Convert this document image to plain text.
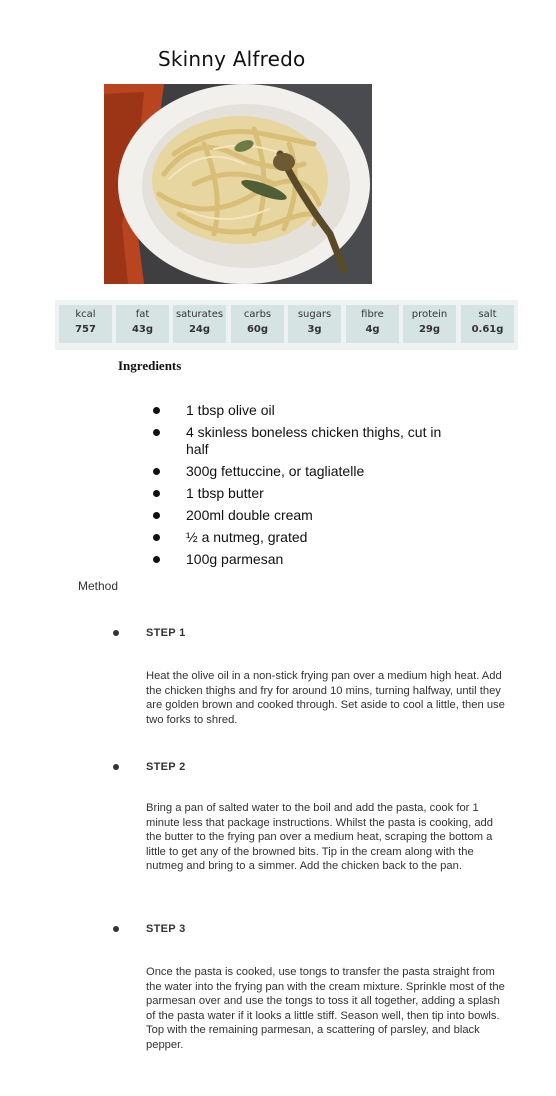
Skinny Alfredo
kcal
757
fat
43g
saturates
24g
carbs
60g
sugars
3g
fibre
4g
protein
29g
salt
0.61g
Ingredients
1 tbsp olive oil
4 skinless boneless chicken thighs, cut in half
300g fettuccine, or tagliatelle
1 tbsp butter
200ml double cream
½ a nutmeg, grated
100g parmesan
Method
STEP 1
Heat the olive oil in a non-stick frying pan over a medium high heat. Add the chicken thighs and fry for around 10 mins, turning halfway, until they are golden brown and cooked through. Set aside to cool a little, then use two forks to shred.
STEP 2
Bring a pan of salted water to the boil and add the pasta, cook for 1 minute less that package instructions. Whilst the pasta is cooking, add the butter to the frying pan over a medium heat, scraping the bottom a little to get any of the browned bits. Tip in the cream along with the nutmeg and bring to a simmer. Add the chicken back to the pan.
STEP 3
Once the pasta is cooked, use tongs to transfer the pasta straight from the water into the frying pan with the cream mixture. Sprinkle most of the parmesan over and use the tongs to toss it all together, adding a splash of the pasta water if it looks a little stiff. Season well, then tip into bowls. Top with the remaining parmesan, a scattering of parsley, and black pepper.
